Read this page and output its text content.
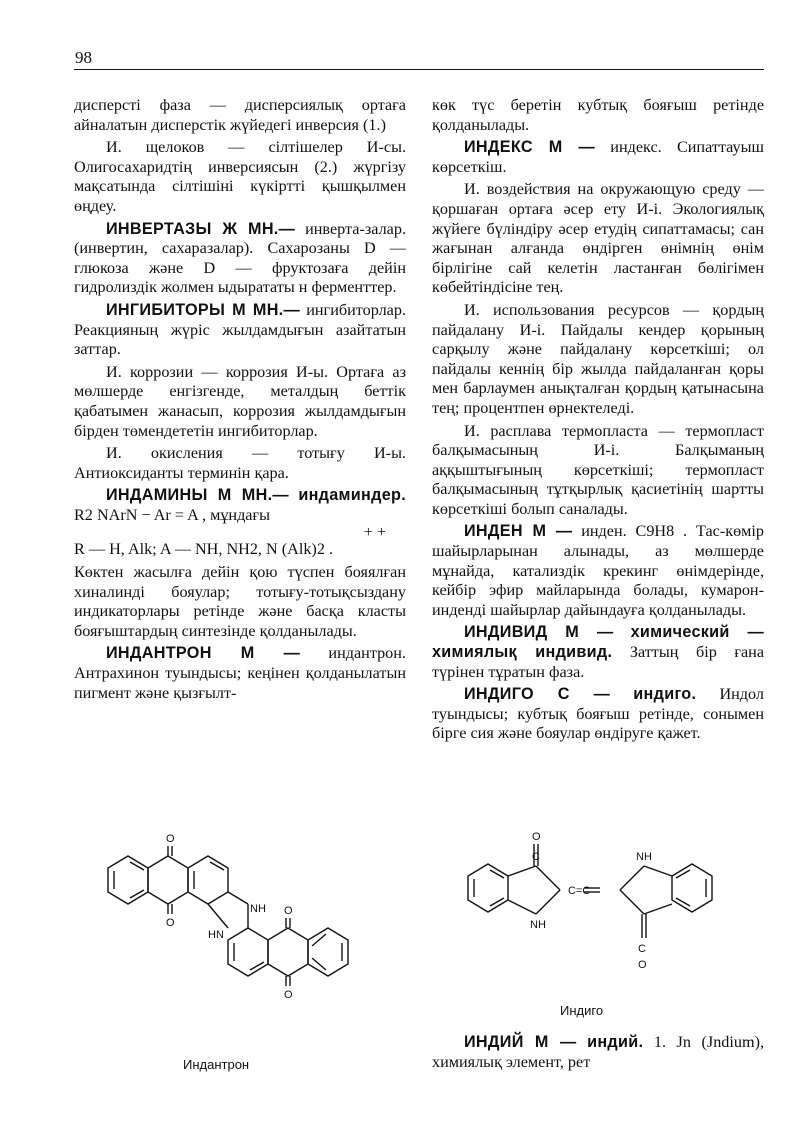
98

дисперсті фаза — дисперсиялық ортаға айналатын дисперстік жүйедегі инверсия (1.)

И. щелоков — сілтішелер И-сы. Олигосахаридтің инверсиясын (2.) жүргізу мақсатында сілтішіні күкіртті қышқылмен өңдеу.

ИНВЕРТАЗЫ Ж МН.— инверта-залар. (инвертин, сахаразалар). Сахарозаны D — глюкоза және D — фруктозаға дейін гидролиздік жолмен ыдырататы н ферменттер.

ИНГИБИТОРЫ М МН.— ингибиторлар. Реакцияның жүріс жылдамдығын азайтатын заттар.

И. коррозии — коррозия И-ы. Ортаға аз мөлшерде енгізгенде, металдың беттік қабатымен жанасып, коррозия жылдамдығын бірден төмендететін ингибиторлар.

И. окисления — тотығу И-ы. Антиоксиданты терминін қара.

ИНДАМИНЫ М МН.— индаминдер. R2 NArN − Ar = A , мұндағы

+ +

R — H, Alk; A — NH, NH2, N (Alk)2 .

Көктен жасылға дейін қою түспен бояялған хиналинді бояулар; тотығу-тотықсыздану индикаторлары ретінде және басқа класты бояғыштардың синтезінде қолданылады.

ИНДАНТРОН М — индантрон. Антрахинон туындысы; кеңінен қолданылатын пигмент және қызғылт-

көк түс беретін кубтық бояғыш ретінде қолданылады.

ИНДЕКС М — индекс. Сипаттауыш көрсеткіш.

И. воздействия на окружающую среду — қоршаған ортаға әсер ету И-і. Экологиялық жүйеге бүліндіру әсер етудің сипаттамасы; сан жағынан алғанда өндірген өнімнің өнім бірлігіне сай келетін ластанған бөлігімен көбейтіндісіне тең.

И. использования ресурсов — қордың пайдалану И-і. Пайдалы кендер қорының сарқылу және пайдалану көрсеткіші; ол пайдалы кеннің бір жылда пайдаланған қоры мен барлаумен анықталған қордың қатынасына тең; процентпен өрнектеледі.

И. расплава термопласта — термопласт балқымасының И-і. Балқыманың аққыштығының көрсеткіші; термопласт балқымасының тұтқырлық қасиетінің шартты көрсеткіші болып саналады.

ИНДЕН М — инден. C9H8 . Тас-көмір шайырларынан алынады, аз мөлшерде мұнайда, катализдік крекинг өнімдерінде, кейбір эфир майларында болады, кумарон-инденді шайырлар дайындауға қолданылады.

ИНДИВИД М — химический — химиялық индивид. Заттың бір ғана түрінен тұратын фаза.

ИНДИГО С — индиго. Индол туындысы; кубтық бояғыш ретінде, сонымен бірге сия және бояулар өндіруге қажет.

O
O
NH
HN
O
O
Индантрон
O
C
C=C
NH
NH
C
O
Индиго

ИНДИЙ М — индий. 1. Jn (Jndium), химиялық элемент, рет
